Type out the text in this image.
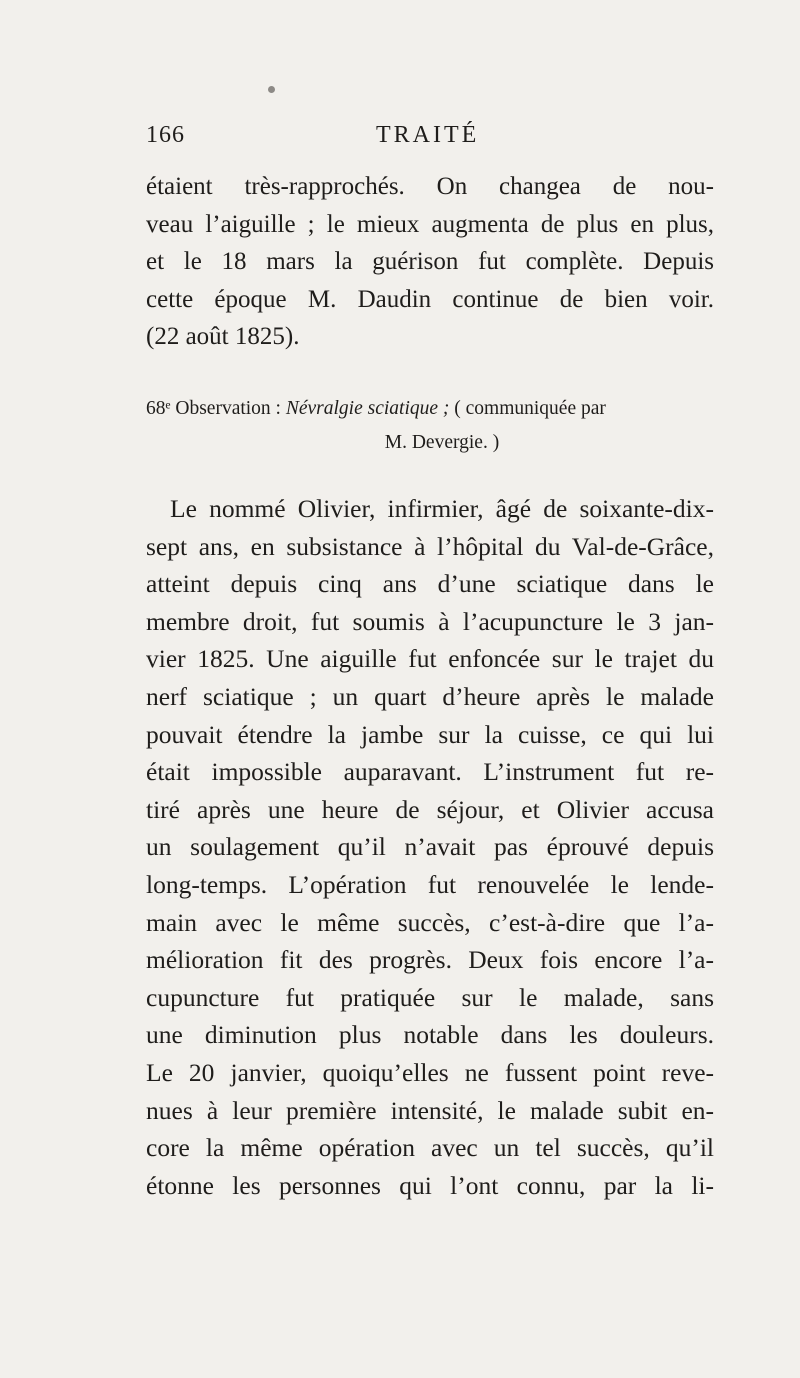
166	TRAITÉ
étaient très-rapprochés. On changea de nou-
veau l’aiguille ; le mieux augmenta de plus en plus,
et le 18 mars la guérison fut complète. Depuis
cette époque M. Daudin continue de bien voir.
(22 août 1825).
68ᵉ Observation : Névralgie sciatique ; ( communiquée par
M. Devergie. )
Le nommé Olivier, infirmier, âgé de soixante-dix-
sept ans, en subsistance à l’hôpital du Val-de-Grâce,
atteint depuis cinq ans d’une sciatique dans le
membre droit, fut soumis à l’acupuncture le 3 jan-
vier 1825. Une aiguille fut enfoncée sur le trajet du
nerf sciatique ; un quart d’heure après le malade
pouvait étendre la jambe sur la cuisse, ce qui lui
était impossible auparavant. L’instrument fut re-
tiré après une heure de séjour, et Olivier accusa
un soulagement qu’il n’avait pas éprouvé depuis
long-temps. L’opération fut renouvelée le lende-
main avec le même succès, c’est-à-dire que l’a-
mélioration fit des progrès. Deux fois encore l’a-
cupuncture fut pratiquée sur le malade, sans
une diminution plus notable dans les douleurs.
Le 20 janvier, quoiqu’elles ne fussent point reve-
nues à leur première intensité, le malade subit en-
core la même opération avec un tel succès, qu’il
étonne les personnes qui l’ont connu, par la li-
